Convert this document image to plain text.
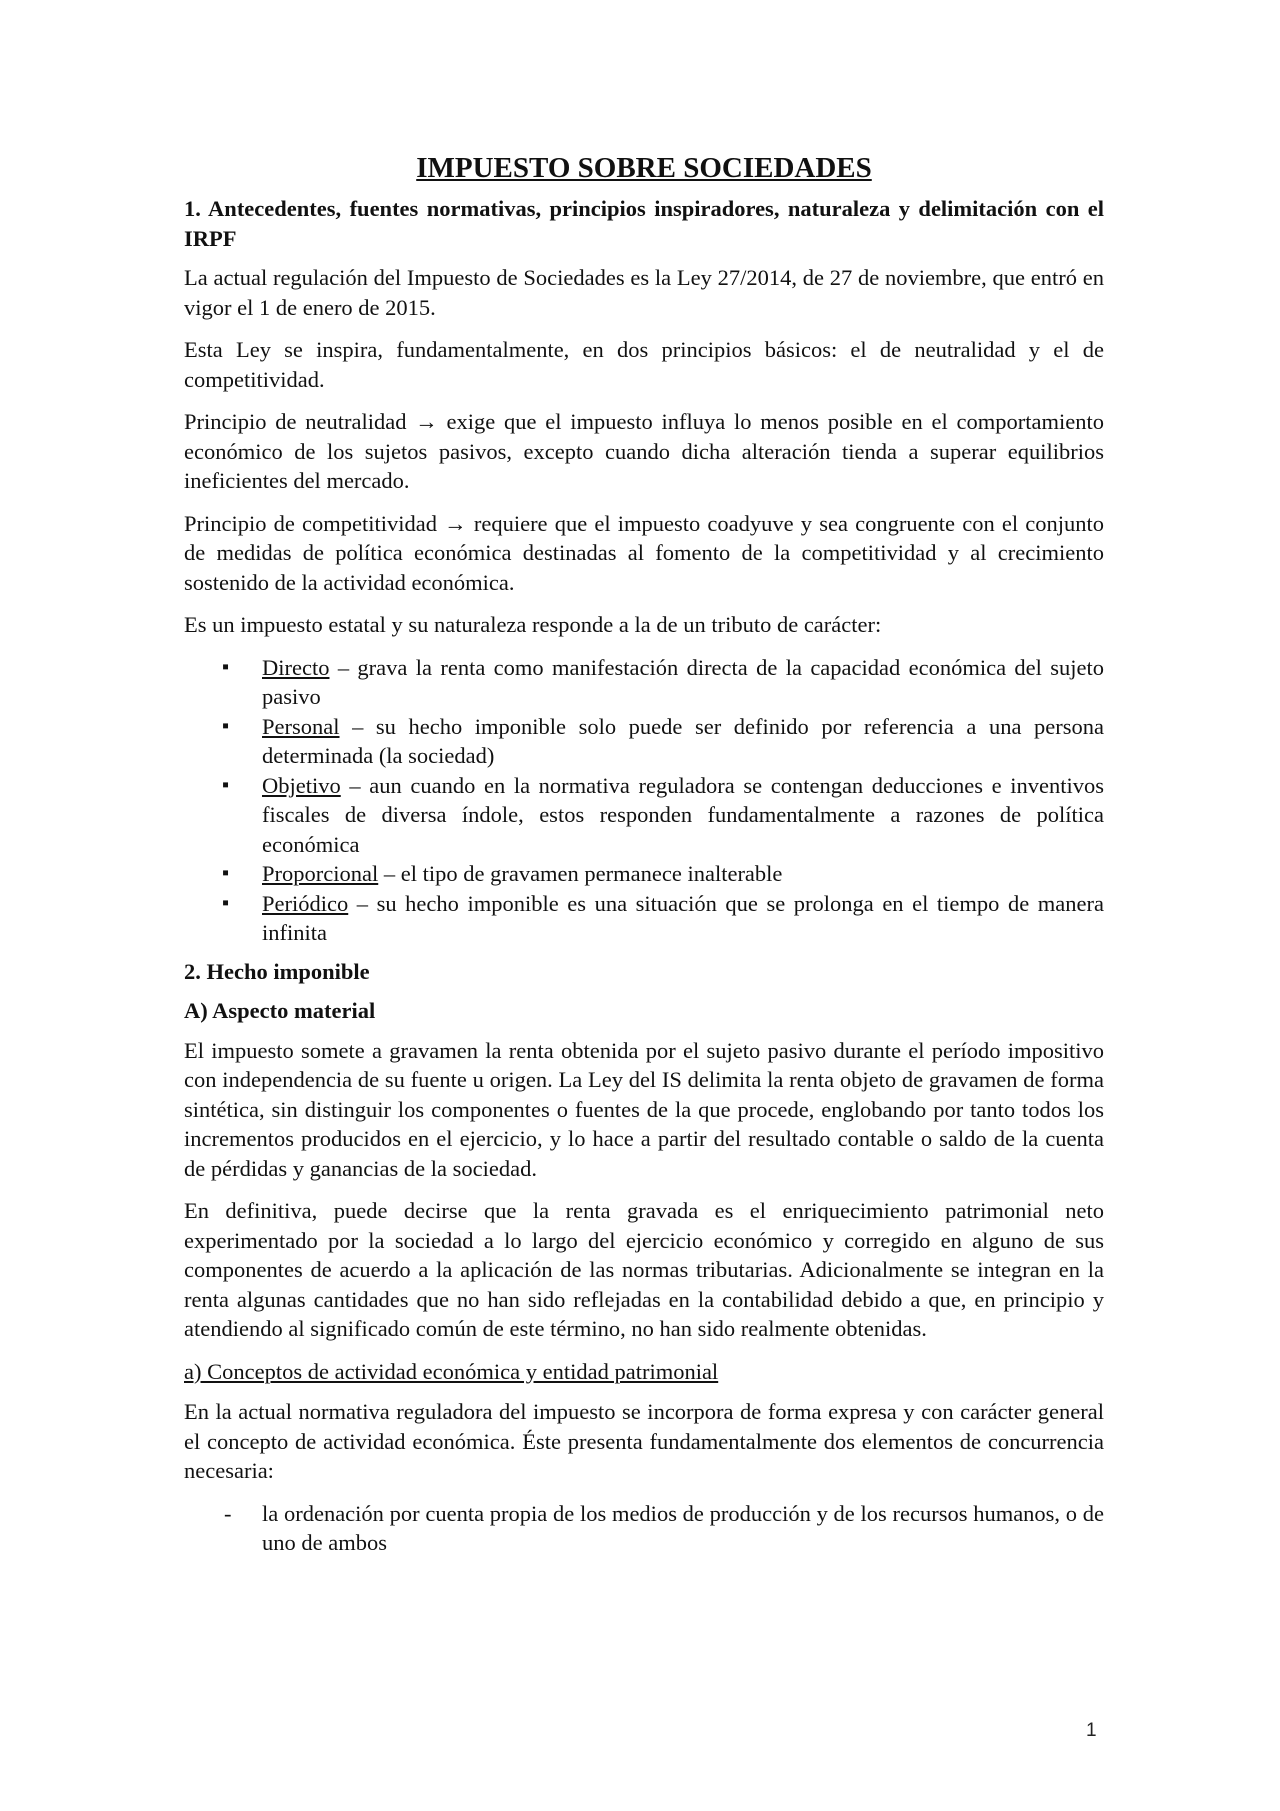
IMPUESTO SOBRE SOCIEDADES
1. Antecedentes, fuentes normativas, principios inspiradores, naturaleza y delimitación con el IRPF

La actual regulación del Impuesto de Sociedades es la Ley 27/2014, de 27 de noviembre, que entró en vigor el 1 de enero de 2015.

Esta Ley se inspira, fundamentalmente, en dos principios básicos: el de neutralidad y el de competitividad.

Principio de neutralidad → exige que el impuesto influya lo menos posible en el comportamiento económico de los sujetos pasivos, excepto cuando dicha alteración tienda a superar equilibrios ineficientes del mercado.

Principio de competitividad → requiere que el impuesto coadyuve y sea congruente con el conjunto de medidas de política económica destinadas al fomento de la competitividad y al crecimiento sostenido de la actividad económica.

Es un impuesto estatal y su naturaleza responde a la de un tributo de carácter:

▪ Directo – grava la renta como manifestación directa de la capacidad económica del sujeto pasivo
▪ Personal – su hecho imponible solo puede ser definido por referencia a una persona determinada (la sociedad)
▪ Objetivo – aun cuando en la normativa reguladora se contengan deducciones e inventivos fiscales de diversa índole, estos responden fundamentalmente a razones de política económica
▪ Proporcional – el tipo de gravamen permanece inalterable
▪ Periódico – su hecho imponible es una situación que se prolonga en el tiempo de manera infinita
2. Hecho imponible
A) Aspecto material

El impuesto somete a gravamen la renta obtenida por el sujeto pasivo durante el período impositivo con independencia de su fuente u origen. La Ley del IS delimita la renta objeto de gravamen de forma sintética, sin distinguir los componentes o fuentes de la que procede, englobando por tanto todos los incrementos producidos en el ejercicio, y lo hace a partir del resultado contable o saldo de la cuenta de pérdidas y ganancias de la sociedad.

En definitiva, puede decirse que la renta gravada es el enriquecimiento patrimonial neto experimentado por la sociedad a lo largo del ejercicio económico y corregido en alguno de sus componentes de acuerdo a la aplicación de las normas tributarias. Adicionalmente se integran en la renta algunas cantidades que no han sido reflejadas en la contabilidad debido a que, en principio y atendiendo al significado común de este término, no han sido realmente obtenidas.

a) Conceptos de actividad económica y entidad patrimonial

En la actual normativa reguladora del impuesto se incorpora de forma expresa y con carácter general el concepto de actividad económica. Éste presenta fundamentalmente dos elementos de concurrencia necesaria:

- la ordenación por cuenta propia de los medios de producción y de los recursos humanos, o de uno de ambos
1
